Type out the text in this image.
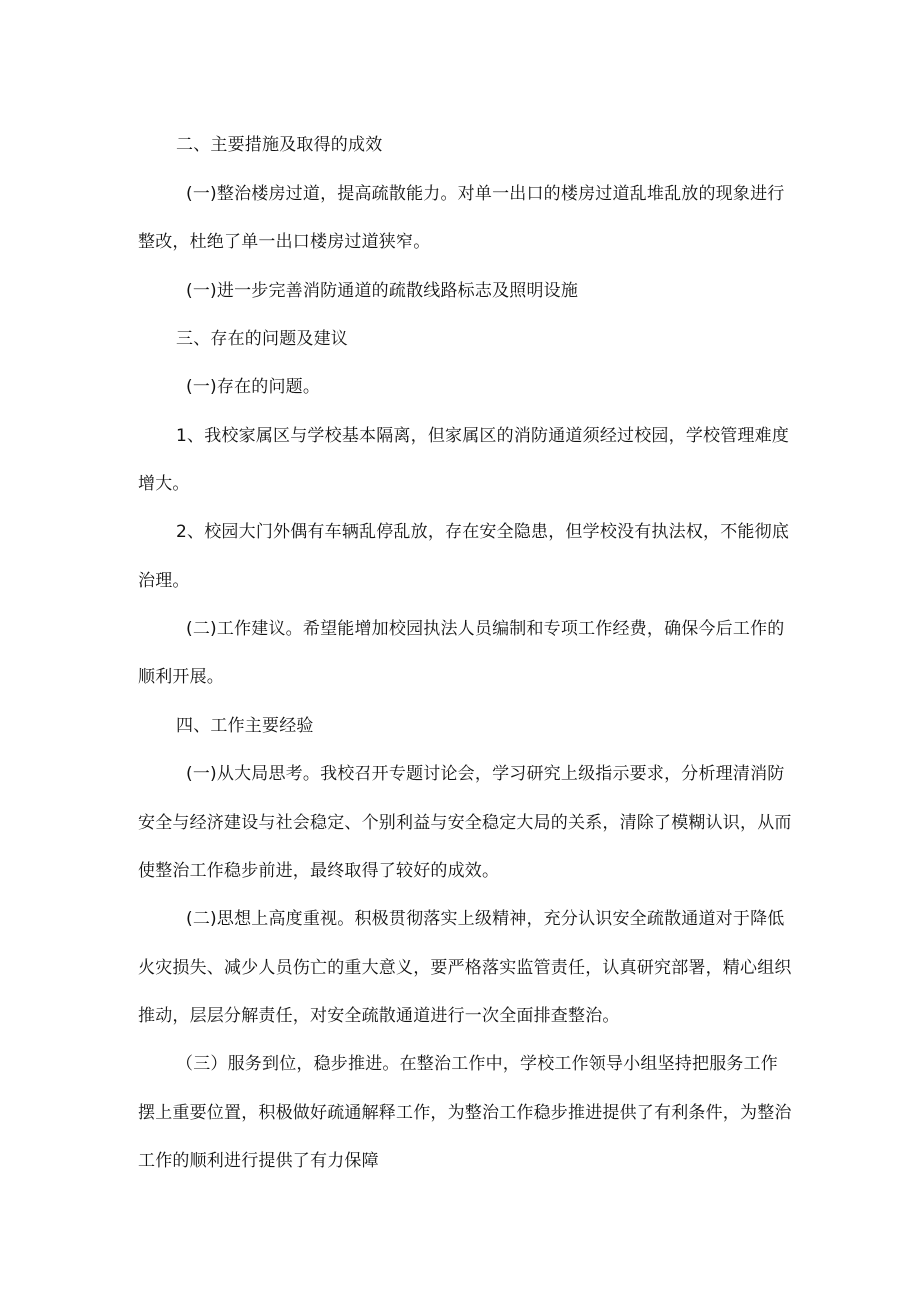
二、主要措施及取得的成效

(一)整治楼房过道，提高疏散能力。对单一出口的楼房过道乱堆乱放的现象进行

整改，杜绝了单一出口楼房过道狭窄。

(一)进一步完善消防通道的疏散线路标志及照明设施

三、存在的问题及建议

(一)存在的问题。

1、我校家属区与学校基本隔离，但家属区的消防通道须经过校园，学校管理难度

增大。

2、校园大门外偶有车辆乱停乱放，存在安全隐患，但学校没有执法权，不能彻底

治理。

(二)工作建议。希望能增加校园执法人员编制和专项工作经费，确保今后工作的

顺利开展。

四、工作主要经验

(一)从大局思考。我校召开专题讨论会，学习研究上级指示要求，分析理清消防

安全与经济建设与社会稳定、个别利益与安全稳定大局的关系，清除了模糊认识，从而

使整治工作稳步前进，最终取得了较好的成效。

(二)思想上高度重视。积极贯彻落实上级精神，充分认识安全疏散通道对于降低

火灾损失、减少人员伤亡的重大意义，要严格落实监管责任，认真研究部署，精心组织

推动，层层分解责任，对安全疏散通道进行一次全面排查整治。

（三）服务到位，稳步推进。在整治工作中，学校工作领导小组坚持把服务工作

摆上重要位置，积极做好疏通解释工作，为整治工作稳步推进提供了有利条件，为整治

工作的顺利进行提供了有力保障
